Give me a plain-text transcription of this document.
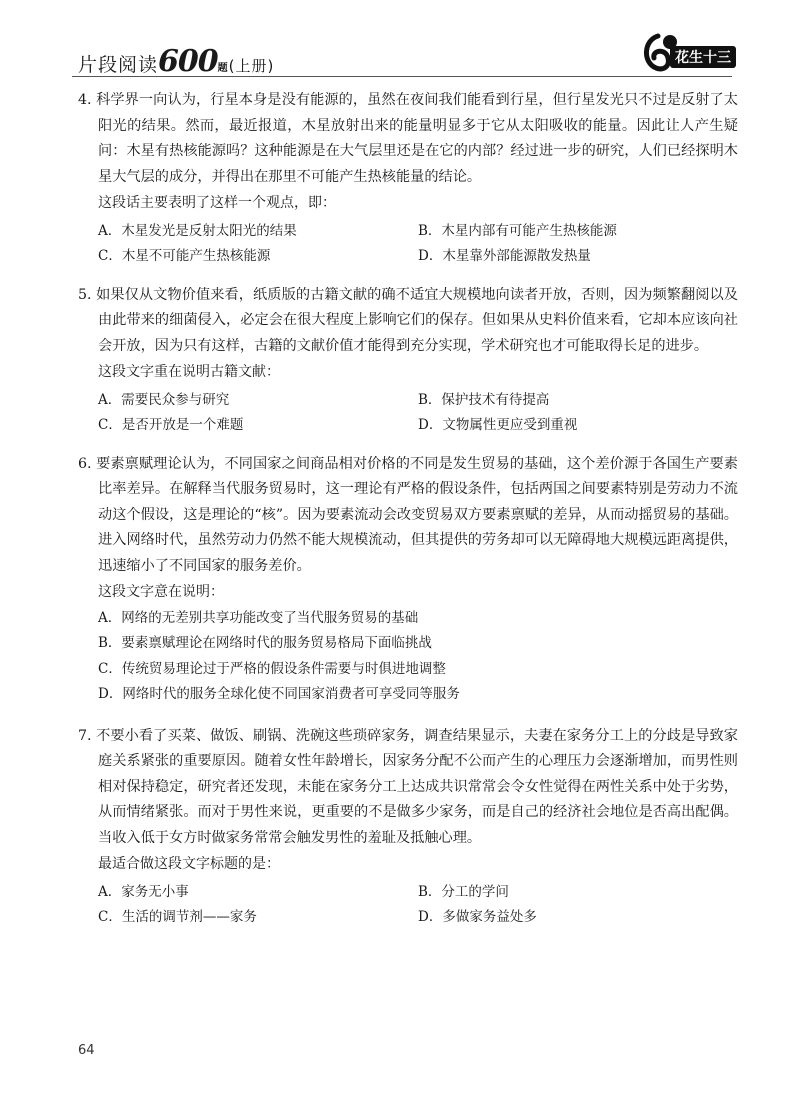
片段阅读600题(上册)	花生十三

4. 科学界一向认为，行星本身是没有能源的，虽然在夜间我们能看到行星，但行星发光只不过是反射了太阳光的结果。然而，最近报道，木星放射出来的能量明显多于它从太阳吸收的能量。因此让人产生疑问：木星有热核能源吗？这种能源是在大气层里还是在它的内部？经过进一步的研究，人们已经探明木星大气层的成分，并得出在那里不可能产生热核能量的结论。

这段话主要表明了这样一个观点，即：

A．木星发光是反射太阳光的结果	B．木星内部有可能产生热核能源
C．木星不可能产生热核能源	D．木星靠外部能源散发热量

5. 如果仅从文物价值来看，纸质版的古籍文献的确不适宜大规模地向读者开放，否则，因为频繁翻阅以及由此带来的细菌侵入，必定会在很大程度上影响它们的保存。但如果从史料价值来看，它却本应该向社会开放，因为只有这样，古籍的文献价值才能得到充分实现，学术研究也才可能取得长足的进步。

这段文字重在说明古籍文献：

A．需要民众参与研究	B．保护技术有待提高
C．是否开放是一个难题	D．文物属性更应受到重视

6. 要素禀赋理论认为，不同国家之间商品相对价格的不同是发生贸易的基础，这个差价源于各国生产要素比率差异。在解释当代服务贸易时，这一理论有严格的假设条件，包括两国之间要素特别是劳动力不流动这个假设，这是理论的“核”。因为要素流动会改变贸易双方要素禀赋的差异，从而动摇贸易的基础。进入网络时代，虽然劳动力仍然不能大规模流动，但其提供的劳务却可以无障碍地大规模远距离提供，迅速缩小了不同国家的服务差价。

这段文字意在说明：

A．网络的无差别共享功能改变了当代服务贸易的基础
B．要素禀赋理论在网络时代的服务贸易格局下面临挑战
C．传统贸易理论过于严格的假设条件需要与时俱进地调整
D．网络时代的服务全球化使不同国家消费者可享受同等服务

7. 不要小看了买菜、做饭、刷锅、洗碗这些琐碎家务，调查结果显示，夫妻在家务分工上的分歧是导致家庭关系紧张的重要原因。随着女性年龄增长，因家务分配不公而产生的心理压力会逐渐增加，而男性则相对保持稳定，研究者还发现，未能在家务分工上达成共识常常会令女性觉得在两性关系中处于劣势，从而情绪紧张。而对于男性来说，更重要的不是做多少家务，而是自己的经济社会地位是否高出配偶。当收入低于女方时做家务常常会触发男性的羞耻及抵触心理。

最适合做这段文字标题的是：

A．家务无小事	B．分工的学问
C．生活的调节剂——家务	D．多做家务益处多
64
